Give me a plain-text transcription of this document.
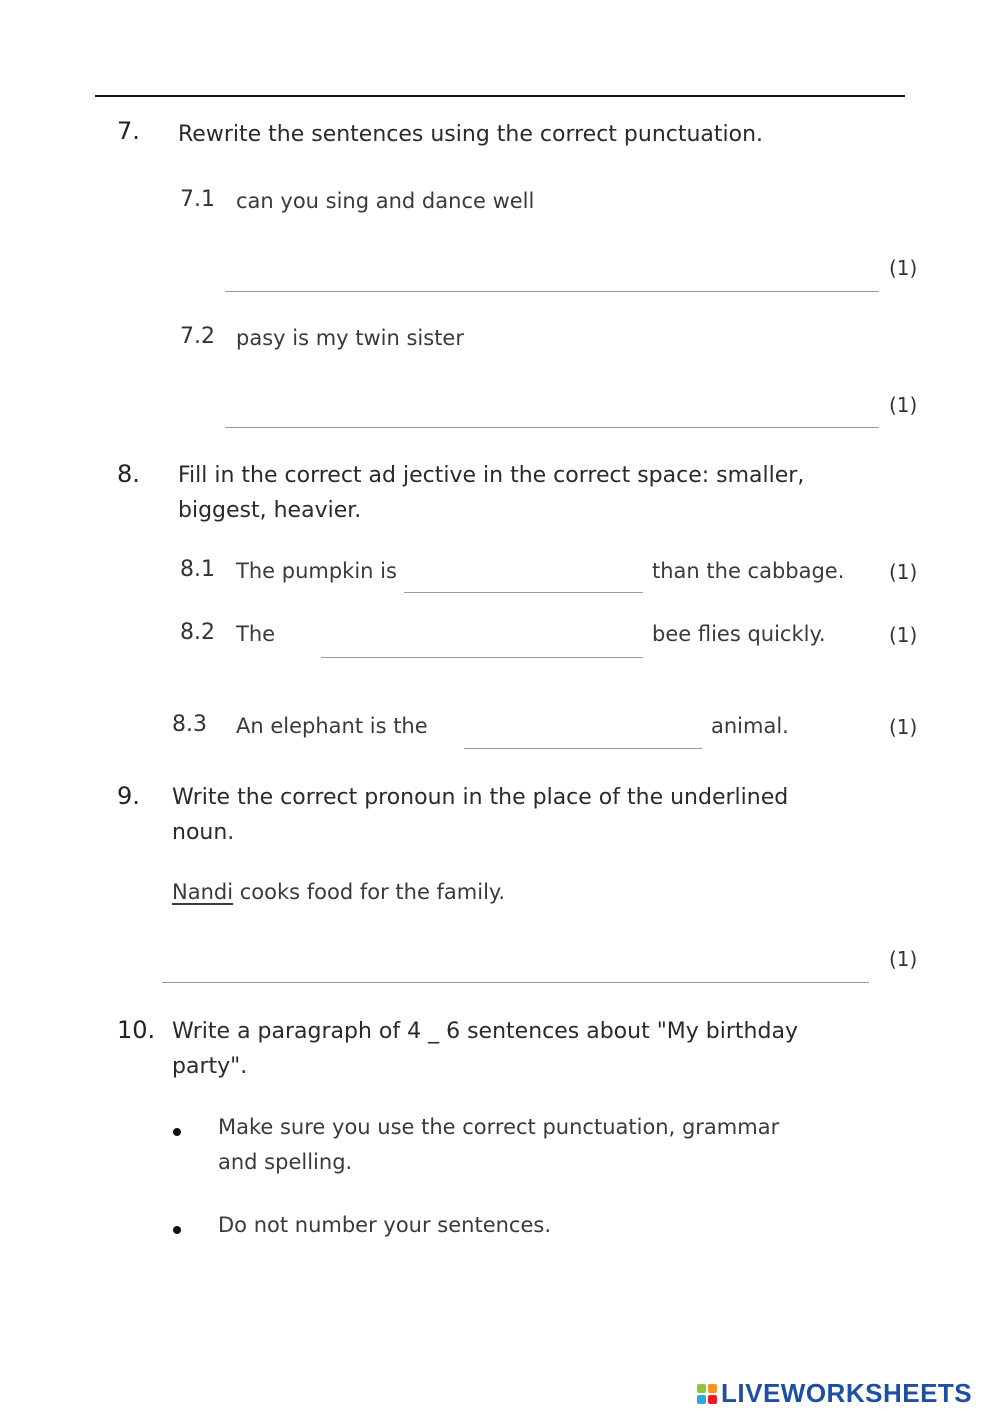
7. Rewrite the sentences using the correct punctuation.
7.1 can you sing and dance well
(1)
7.2 pasy is my twin sister
(1)
8. Fill in the correct ad jective in the correct space: smaller,
biggest, heavier.
8.1 The pumpkin is	than the cabbage. (1)
8.2 The	bee flies quickly.	(1)
8.3 An elephant is the	animal.	(1)
9. Write the correct pronoun in the place of the underlined
noun.
Nandi cooks food for the family.
(1)
10. Write a paragraph of 4 _ 6 sentences about "My birthday
party".
Make sure you use the correct punctuation, grammar
and spelling.
Do not number your sentences.
LIVEWORKSHEETS
